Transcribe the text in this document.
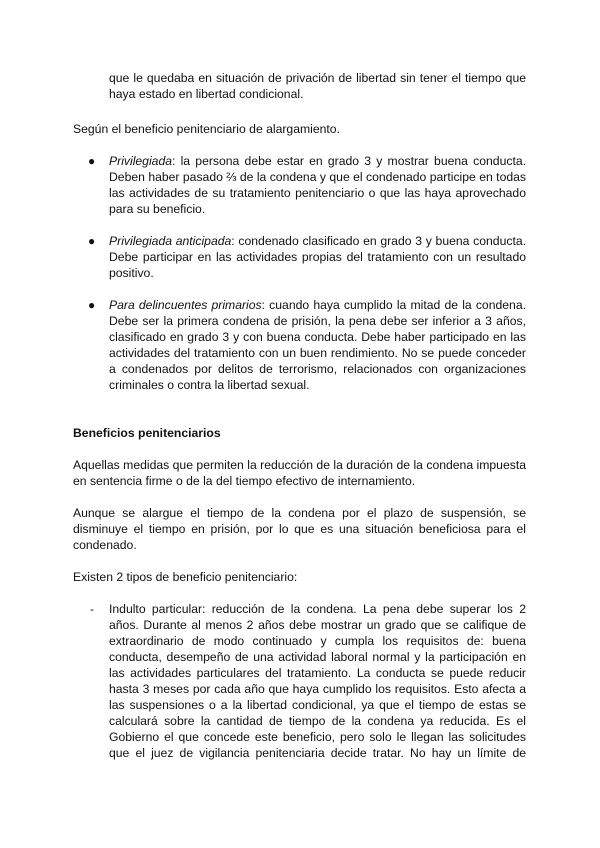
que le quedaba en situación de privación de libertad sin tener el tiempo que haya estado en libertad condicional.

Según el beneficio penitenciario de alargamiento.

● Privilegiada: la persona debe estar en grado 3 y mostrar buena conducta. Deben haber pasado ⅔ de la condena y que el condenado participe en todas las actividades de su tratamiento penitenciario o que las haya aprovechado para su beneficio.

● Privilegiada anticipada: condenado clasificado en grado 3 y buena conducta. Debe participar en las actividades propias del tratamiento con un resultado positivo.

● Para delincuentes primarios: cuando haya cumplido la mitad de la condena. Debe ser la primera condena de prisión, la pena debe ser inferior a 3 años, clasificado en grado 3 y con buena conducta. Debe haber participado en las actividades del tratamiento con un buen rendimiento. No se puede conceder a condenados por delitos de terrorismo, relacionados con organizaciones criminales o contra la libertad sexual.

Beneficios penitenciarios

Aquellas medidas que permiten la reducción de la duración de la condena impuesta en sentencia firme o de la del tiempo efectivo de internamiento.

Aunque se alargue el tiempo de la condena por el plazo de suspensión, se disminuye el tiempo en prisión, por lo que es una situación beneficiosa para el condenado.

Existen 2 tipos de beneficio penitenciario:

- Indulto particular: reducción de la condena. La pena debe superar los 2 años. Durante al menos 2 años debe mostrar un grado que se califique de extraordinario de modo continuado y cumpla los requisitos de: buena conducta, desempeño de una actividad laboral normal y la participación en las actividades particulares del tratamiento. La conducta se puede reducir hasta 3 meses por cada año que haya cumplido los requisitos. Esto afecta a las suspensiones o a la libertad condicional, ya que el tiempo de estas se calculará sobre la cantidad de tiempo de la condena ya reducida. Es el Gobierno el que concede este beneficio, pero solo le llegan las solicitudes que el juez de vigilancia penitenciaria decide tratar. No hay un límite de
